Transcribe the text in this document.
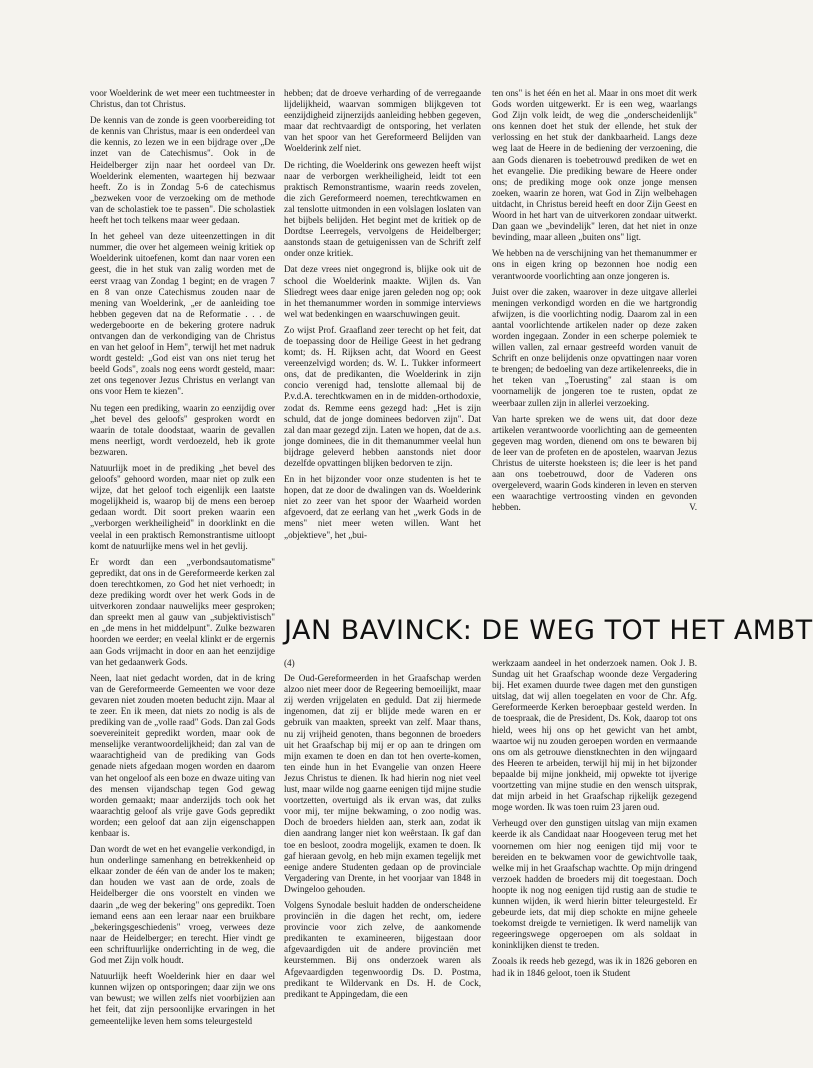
voor Woelderink de wet meer een tuchtmeester in Christus, dan tot Christus.

De kennis van de zonde is geen voorbereiding tot de kennis van Christus, maar is een onderdeel van die kennis, zo lezen we in een bijdrage over „De inzet van de Catechismus". Ook in de Heidelberger zijn naar het oordeel van Dr. Woelderink elementen, waartegen hij bezwaar heeft. Zo is in Zondag 5-6 de catechismus „bezweken voor de verzoeking om de methode van de scholastiek toe te passen". Die scholastiek heeft het toch telkens maar weer gedaan.

In het geheel van deze uiteenzettingen in dit nummer, die over het algemeen weinig kritiek op Woelderink uitoefenen, komt dan naar voren een geest, die in het stuk van zalig worden met de eerst vraag van Zondag 1 begint; en de vragen 7 en 8 van onze Catechismus zouden naar de mening van Woelderink, „er de aanleiding toe hebben gegeven dat na de Reformatie . . . de wedergeboorte en de bekering grotere nadruk ontvangen dan de verkondiging van de Christus en van het geloof in Hem", terwijl het met nadruk wordt gesteld: „God eist van ons niet terug het beeld Gods", zoals nog eens wordt gesteld, maar: zet ons tegenover Jezus Christus en verlangt van ons voor Hem te kiezen".

Nu tegen een prediking, waarin zo eenzijdig over „het bevel des geloofs" gesproken wordt en waarin de totale doodstaat, waarin de gevallen mens neerligt, wordt verdoezeld, heb ik grote bezwaren.

Natuurlijk moet in de prediking „het bevel des geloofs" gehoord worden, maar niet op zulk een wijze, dat het geloof toch eigenlijk een laatste mogelijkheid is, waarop bij de mens een beroep gedaan wordt. Dit soort preken waarin een „verborgen werkheiligheid" in doorklinkt en die veelal in een praktisch Remonstrantisme uitloopt komt de natuurlijke mens wel in het gevlij.

Er wordt dan een „verbondsautomatisme" gepredikt, dat ons in de Gereformeerde kerken zal doen terechtkomen, zo God het niet verhoedt; in deze prediking wordt over het werk Gods in de uitverkoren zondaar nauwelijks meer gesproken; dan spreekt men al gauw van „subjektivistisch" en „de mens in het middelpunt". Zulke bezwaren hoorden we eerder; en veelal klinkt er de ergernis aan Gods vrijmacht in door en aan het eenzijdige van het gedaanwerk Gods.

Neen, laat niet gedacht worden, dat in de kring van de Gereformeerde Gemeenten we voor deze gevaren niet zouden moeten beducht zijn. Maar al te zeer. En ik meen, dat niets zo nodig is als de prediking van de „volle raad" Gods. Dan zal Gods soevereiniteit gepredikt worden, maar ook de menselijke verantwoordelijkheid; dan zal van de waarachtigheid van de prediking van Gods genade niets afgedaan mogen worden en daarom van het ongeloof als een boze en dwaze uiting van des mensen vijandschap tegen God gewag worden gemaakt; maar anderzijds toch ook het waarachtig geloof als vrije gave Gods gepredikt worden; een geloof dat aan zijn eigenschappen kenbaar is.

Dan wordt de wet en het evangelie verkondigd, in hun onderlinge samenhang en betrekkenheid op elkaar zonder de één van de ander los te maken; dan houden we vast aan de orde, zoals de Heidelberger die ons voorstelt en vinden we daarin „de weg der bekering" ons gepredikt. Toen iemand eens aan een leraar naar een bruikbare „bekeringsgeschiedenis" vroeg, verwees deze naar de Heidelberger; en terecht. Hier vindt ge een schriftuurlijke onderrichting in de weg, die God met Zijn volk houdt.

Natuurlijk heeft Woelderink hier en daar wel kunnen wijzen op ontsporingen; daar zijn we ons van bewust; we willen zelfs niet voorbijzien aan het feit, dat zijn persoonlijke ervaringen in het gemeentelijke leven hem soms teleurgesteld

hebben; dat de droeve verharding of de verregaande lijdelijkheid, waarvan sommigen blijkgeven tot eenzijdigheid zijnerzijds aanleiding hebben gegeven, maar dat rechtvaardigt de ontsporing, het verlaten van het spoor van het Gereformeerd Belijden van Woelderink zelf niet.

De richting, die Woelderink ons gewezen heeft wijst naar de verborgen werkheiligheid, leidt tot een praktisch Remonstrantisme, waarin reeds zovelen, die zich Gereformeerd noemen, terechtkwamen en zal tenslotte uitmonden in een volslagen loslaten van het bijbels belijden. Het begint met de kritiek op de Dordtse Leerregels, vervolgens de Heidelberger; aanstonds staan de getuigenissen van de Schrift zelf onder onze kritiek.

Dat deze vrees niet ongegrond is, blijke ook uit de school die Woelderink maakte. Wijlen ds. Van Sliedregt wees daar enige jaren geleden nog op; ook in het themanummer worden in sommige interviews wel wat bedenkingen en waarschuwingen geuit.

Zo wijst Prof. Graafland zeer terecht op het feit, dat de toepassing door de Heilige Geest in het gedrang komt; ds. H. Rijksen acht, dat Woord en Geest vereenzelvigd worden; ds. W. L. Tukker informeert ons, dat de predikanten, die Woelderink in zijn concio verenigd had, tenslotte allemaal bij de P.v.d.A. terechtkwamen en in de midden-orthodoxie, zodat ds. Remme eens gezegd had: „Het is zijn schuld, dat de jonge dominees bedorven zijn". Dat zal dan maar gezegd zijn. Laten we hopen, dat de a.s. jonge dominees, die in dit themanummer veelal hun bijdrage geleverd hebben aanstonds niet door dezelfde opvattingen blijken bedorven te zijn.

En in het bijzonder voor onze studenten is het te hopen, dat ze door de dwalingen van ds. Woelderink niet zo zeer van het spoor der Waarheid worden afgevoerd, dat ze eerlang van het „werk Gods in de mens" niet meer weten willen. Want het „objektieve", het „bui-

ten ons" is het één en het al. Maar in ons moet dit werk Gods worden uitgewerkt. Er is een weg, waarlangs God Zijn volk leidt, de weg die „onderscheidenlijk" ons kennen doet het stuk der ellende, het stuk der verlossing en het stuk der dankbaarheid. Langs deze weg laat de Heere in de bediening der verzoening, die aan Gods dienaren is toebetrouwd prediken de wet en het evangelie. Die prediking beware de Heere onder ons; de prediking moge ook onze jonge mensen zoeken, waarin ze horen, wat God in Zijn welbehagen uitdacht, in Christus bereid heeft en door Zijn Geest en Woord in het hart van de uitverkoren zondaar uitwerkt. Dan gaan we „bevindelijk" leren, dat het niet in onze bevinding, maar alleen „buiten ons" ligt.

We hebben na de verschijning van het themanummer er ons in eigen kring op bezonnen hoe nodig een verantwoorde voorlichting aan onze jongeren is.

Juist over die zaken, waarover in deze uitgave allerlei meningen verkondigd worden en die we hartgrondig afwijzen, is die voorlichting nodig. Daarom zal in een aantal voorlichtende artikelen nader op deze zaken worden ingegaan. Zonder in een scherpe polemiek te willen vallen, zal ernaar gestreefd worden vanuit de Schrift en onze belijdenis onze opvattingen naar voren te brengen; de bedoeling van deze artikelenreeks, die in het teken van „Toerusting" zal staan is om voornamelijk de jongeren toe te rusten, opdat ze weerbaar zullen zijn in allerlei verzoeking.

Van harte spreken we de wens uit, dat door deze artikelen verantwoorde voorlichting aan de gemeenten gegeven mag worden, dienend om ons te bewaren bij de leer van de profeten en de apostelen, waarvan Jezus Christus de uiterste hoeksteen is; die leer is het pand aan ons toebetrouwd, door de Vaderen ons overgeleverd, waarin Gods kinderen in leven en sterven een waarachtige vertroosting vinden en gevonden hebben.	V.

JAN BAVINCK: DE WEG TOT HET AMBT

(4)

De Oud-Gereformeerden in het Graafschap werden alzoo niet meer door de Regeering bemoeilijkt, maar zij werden vrijgelaten en geduld. Dat zij hiermede ingenomen, dat zij er blijde mede waren en er gebruik van maakten, spreekt van zelf. Maar thans, nu zij vrijheid genoten, thans begonnen de broeders uit het Graafschap bij mij er op aan te dringen om mijn examen te doen en dan tot hen overte-komen, ten einde hun in het Evangelie van onzen Heere Jezus Christus te dienen. Ik had hierin nog niet veel lust, maar wilde nog gaarne eenigen tijd mijne studie voortzetten, overtuigd als ik ervan was, dat zulks voor mij, ter mijne bekwaming, o zoo nodig was. Doch de broeders hielden aan, sterk aan, zodat ik dien aandrang langer niet kon weêrstaan. Ik gaf dan toe en besloot, zoodra mogelijk, examen te doen. Ik gaf hieraan gevolg, en heb mijn examen tegelijk met eenige andere Studenten gedaan op de provinciale Vergadering van Drente, in het voorjaar van 1848 in Dwingeloo gehouden.

Volgens Synodale besluit hadden de onderscheidene provinciën in die dagen het recht, om, iedere provincie voor zich zelve, de aankomende predikanten te examineeren, bijgestaan door afgevaardigden uit de andere provinciën met keurstemmen. Bij ons onderzoek waren als Afgevaardigden tegenwoordig Ds. D. Postma, predikant te Wildervank en Ds. H. de Cock, predikant te Appingedam, die een

werkzaam aandeel in het onderzoek namen. Ook J. B. Sundag uit het Graafschap woonde deze Vergadering bij. Het examen duurde twee dagen met den gunstigen uitslag, dat wij allen toegelaten en voor de Chr. Afg. Gereformeerde Kerken beroepbaar gesteld werden. In de toespraak, die de President, Ds. Kok, daarop tot ons hield, wees hij ons op het gewicht van het ambt, waartoe wij nu zouden geroepen worden en vermaande ons om als getrouwe dienstknechten in den wijngaard des Heeren te arbeiden, terwijl hij mij in het bijzonder bepaalde bij mijne jonkheid, mij opwekte tot ijverige voortzetting van mijne studie en den wensch uitsprak, dat mijn arbeid in het Graafschap rijkelijk gezegend moge worden. Ik was toen ruim 23 jaren oud.

Verheugd over den gunstigen uitslag van mijn examen keerde ik als Candidaat naar Hoogeveen terug met het voornemen om hier nog eenigen tijd mij voor te bereiden en te bekwamen voor de gewichtvolle taak, welke mij in het Graafschap wachtte. Op mijn dringend verzoek hadden de broeders mij dit toegestaan. Doch hoopte ik nog nog eenigen tijd rustig aan de studie te kunnen wijden, ik werd hierin bitter teleurgesteld. Er gebeurde iets, dat mij diep schokte en mijne geheele toekomst dreigde te vernietigen. Ik werd namelijk van regeeringswege opgeroepen om als soldaat in koninklijken dienst te treden.

Zooals ik reeds heb gezegd, was ik in 1826 geboren en had ik in 1846 geloot, toen ik Student
